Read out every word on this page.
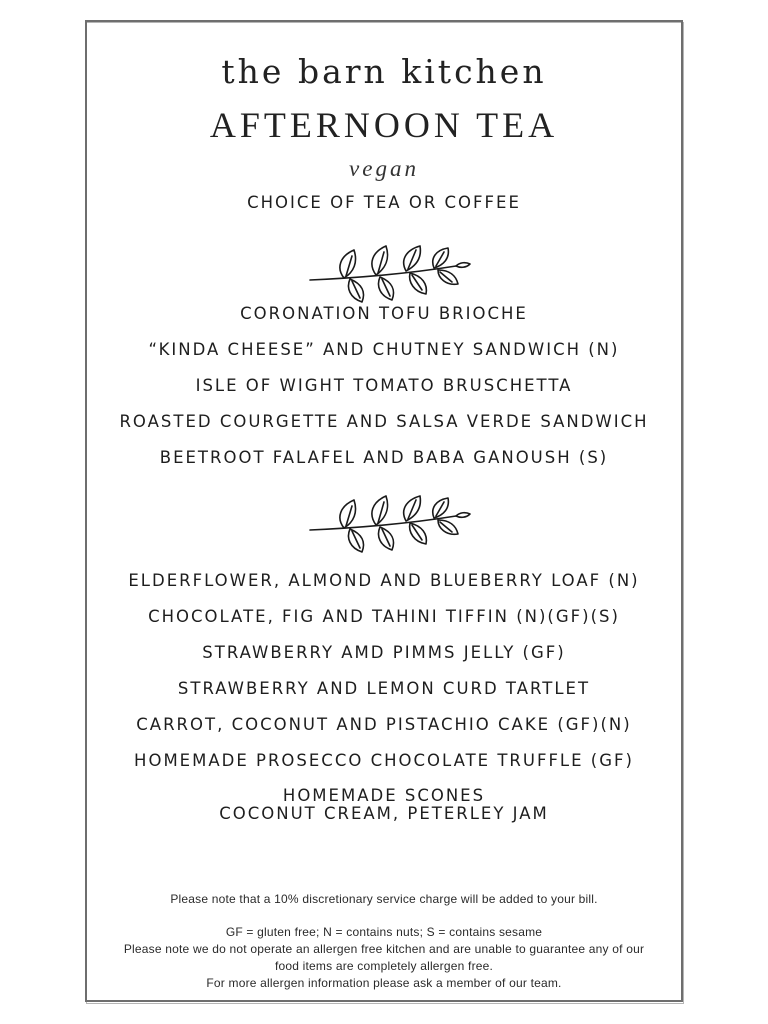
the barn kitchen
AFTERNOON TEA
vegan
CHOICE OF TEA OR COFFEE
CORONATION TOFU BRIOCHE
“KINDA CHEESE” AND CHUTNEY SANDWICH (N)
ISLE OF WIGHT TOMATO BRUSCHETTA
ROASTED COURGETTE AND SALSA VERDE SANDWICH
BEETROOT FALAFEL AND BABA GANOUSH (S)
ELDERFLOWER, ALMOND AND BLUEBERRY LOAF (N)
CHOCOLATE, FIG AND TAHINI TIFFIN (N)(GF)(S)
STRAWBERRY AMD PIMMS JELLY (GF)
STRAWBERRY AND LEMON CURD TARTLET
CARROT, COCONUT AND PISTACHIO CAKE (GF)(N)
HOMEMADE PROSECCO CHOCOLATE TRUFFLE (GF)
HOMEMADE SCONES
COCONUT CREAM, PETERLEY JAM
Please note that a 10% discretionary service charge will be added to your bill.
GF = gluten free; N = contains nuts; S = contains sesame
Please note we do not operate an allergen free kitchen and are unable to guarantee any of our
food items are completely allergen free.
For more allergen information please ask a member of our team.
